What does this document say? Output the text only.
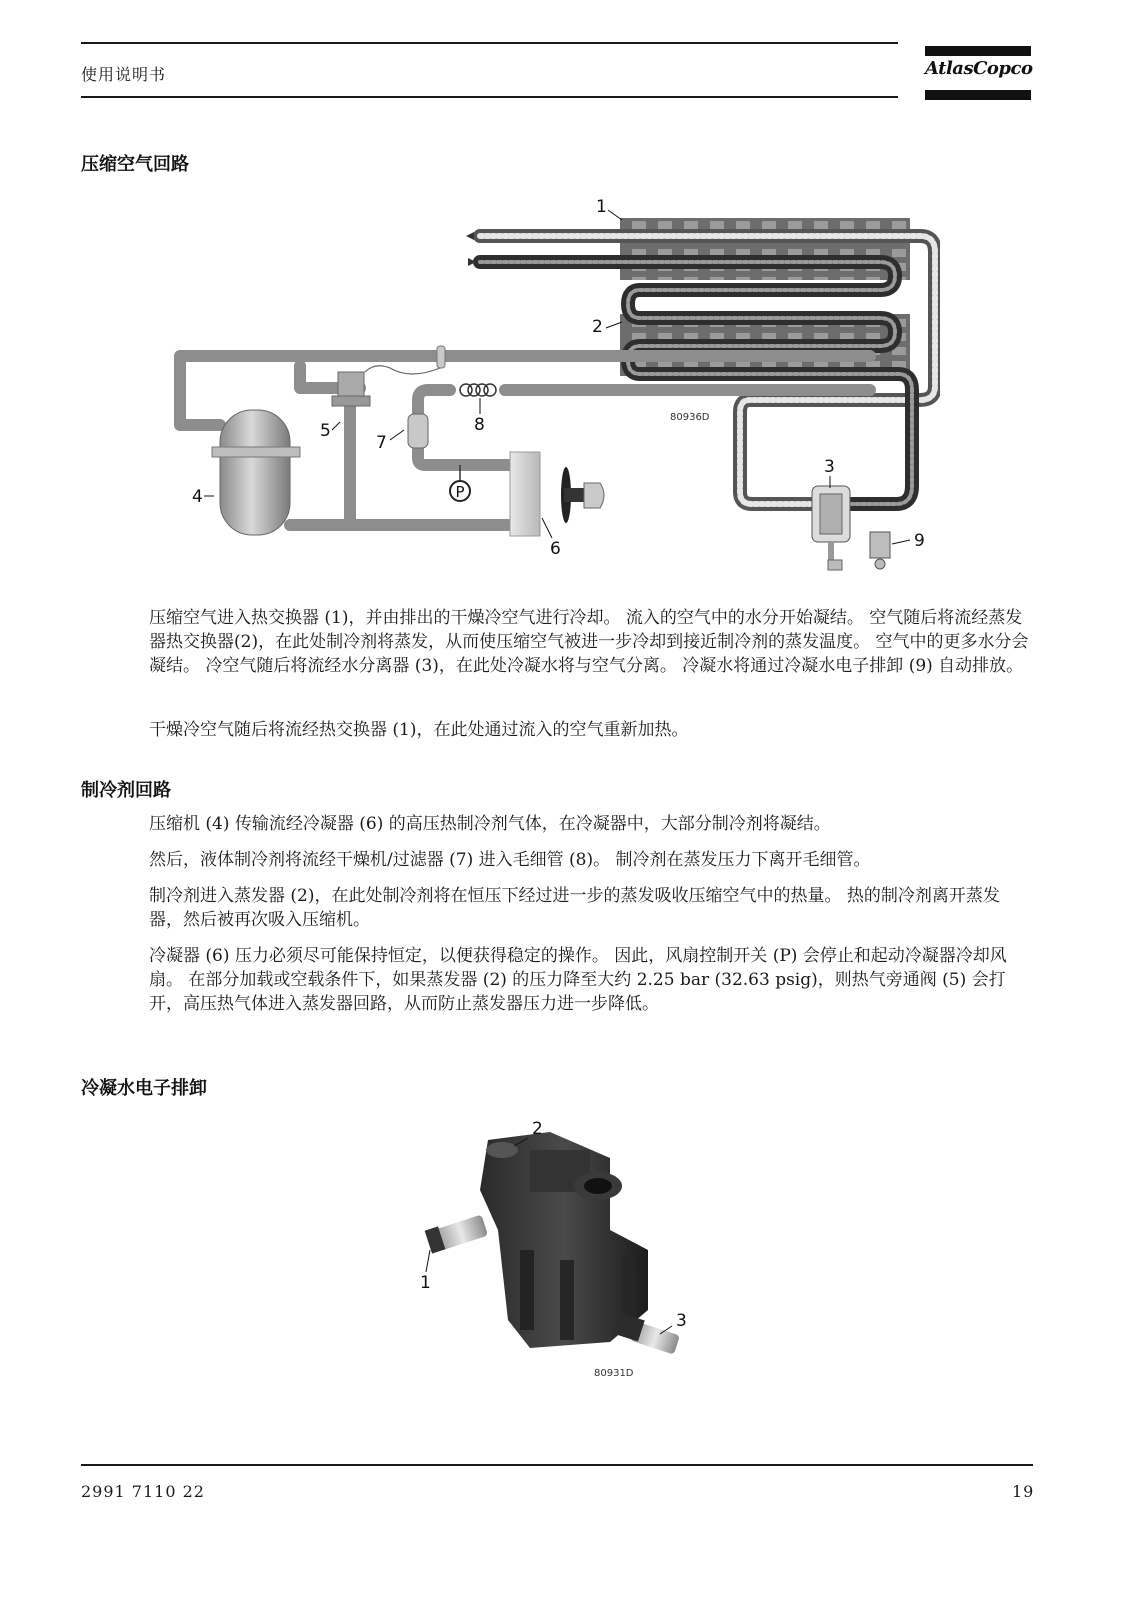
使用说明书	AtlasCopco
压缩空气回路
P
80936D
1
2
3
4
5
6
7
8
9

压缩空气进入热交换器 (1)，并由排出的干燥冷空气进行冷却。 流入的空气中的水分开始凝结。 空气随后将流经蒸发器热交换器(2)，在此处制冷剂将蒸发，从而使压缩空气被进一步冷却到接近制冷剂的蒸发温度。 空气中的更多水分会凝结。 冷空气随后将流经水分离器 (3)，在此处冷凝水将与空气分离。 冷凝水将通过冷凝水电子排卸 (9) 自动排放。

干燥冷空气随后将流经热交换器 (1)，在此处通过流入的空气重新加热。

制冷剂回路

压缩机 (4) 传输流经冷凝器 (6) 的高压热制冷剂气体，在冷凝器中，大部分制冷剂将凝结。

然后，液体制冷剂将流经干燥机/过滤器 (7) 进入毛细管 (8)。 制冷剂在蒸发压力下离开毛细管。

制冷剂进入蒸发器 (2)，在此处制冷剂将在恒压下经过进一步的蒸发吸收压缩空气中的热量。 热的制冷剂离开蒸发器，然后被再次吸入压缩机。

冷凝器 (6) 压力必须尽可能保持恒定，以便获得稳定的操作。 因此，风扇控制开关 (P) 会停止和起动冷凝器冷却风扇。 在部分加载或空载条件下，如果蒸发器 (2) 的压力降至大约 2.25 bar (32.63 psig)，则热气旁通阀 (5) 会打开，高压热气体进入蒸发器回路，从而防止蒸发器压力进一步降低。

冷凝水电子排卸
80931D
2
1
3
2991 7110 22	19
